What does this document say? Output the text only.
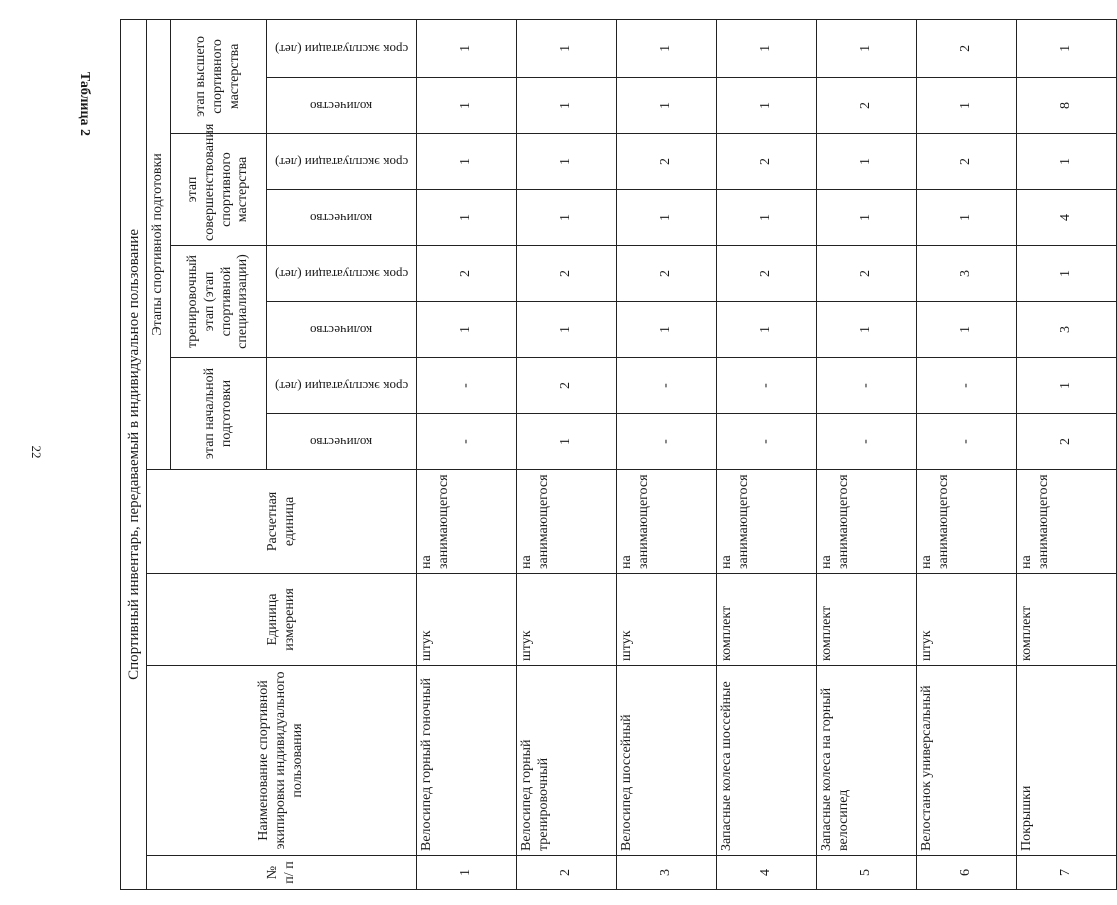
22
Таблица 2
Спортивный инвентарь, передаваемый в индивидуальное пользование											
№ п/ п	Наименование спортивной экипировки индивидуального пользования	Единица измерения	Расчетная единица	Этапы спортивной подготовки							
				этап начальной подготовки		тренировочный этап (этап спортивной специализации)		этап совершенствования спортивного мастерства		этап высшего спортивного мастерства	

				количество	срок эксплуатации (лет)	количество	срок эксплуатации (лет)	количество	срок эксплуатации (лет)	количество	срок эксплуатации (лет)

1	Велосипед горный гоночный	штук	на занимающегося	-	-	1	2	1	1	1	1
2	Велосипед горный тренировочный	штук	на занимающегося	1	2	1	2	1	1	1	1
3	Велосипед шоссейный	штук	на занимающегося	-	-	1	2	1	2	1	1
4	Запасные колеса шоссейные	комплект	на занимающегося	-	-	1	2	1	2	1	1
5	Запасные колеса на горный велосипед	комплект	на занимающегося	-	-	1	2	1	1	2	1
6	Велостанок универсальный	штук	на занимающегося	-	-	1	3	1	2	1	2
7	Покрышки	комплект	на занимающегося	2	1	3	1	4	1	8	1
